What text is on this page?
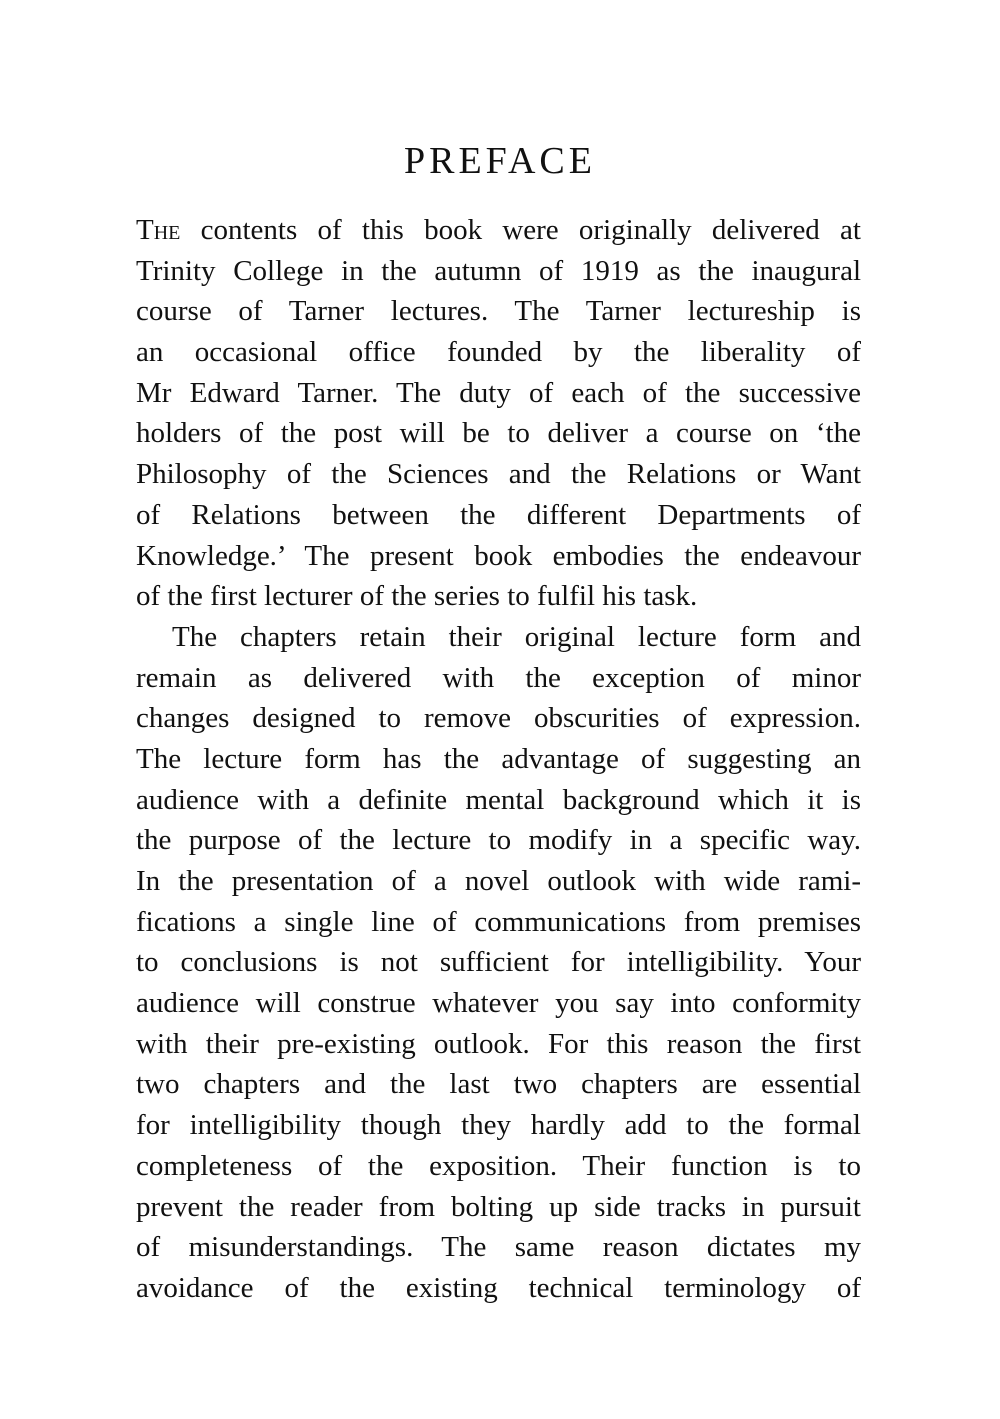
PREFACE
The contents of this book were originally delivered at
Trinity College in the autumn of 1919 as the inaugural
course of Tarner lectures. The Tarner lectureship is
an occasional office founded by the liberality of
Mr Edward Tarner. The duty of each of the successive
holders of the post will be to deliver a course on ‘the
Philosophy of the Sciences and the Relations or Want
of Relations between the different Departments of
Knowledge.’ The present book embodies the endeavour
of the first lecturer of the series to fulfil his task.
The chapters retain their original lecture form and
remain as delivered with the exception of minor
changes designed to remove obscurities of expression.
The lecture form has the advantage of suggesting an
audience with a definite mental background which it is
the purpose of the lecture to modify in a specific way.
In the presentation of a novel outlook with wide rami-
fications a single line of communications from premises
to conclusions is not sufficient for intelligibility. Your
audience will construe whatever you say into conformity
with their pre-existing outlook. For this reason the first
two chapters and the last two chapters are essential
for intelligibility though they hardly add to the formal
completeness of the exposition. Their function is to
prevent the reader from bolting up side tracks in pursuit
of misunderstandings. The same reason dictates my
avoidance of the existing technical terminology of
